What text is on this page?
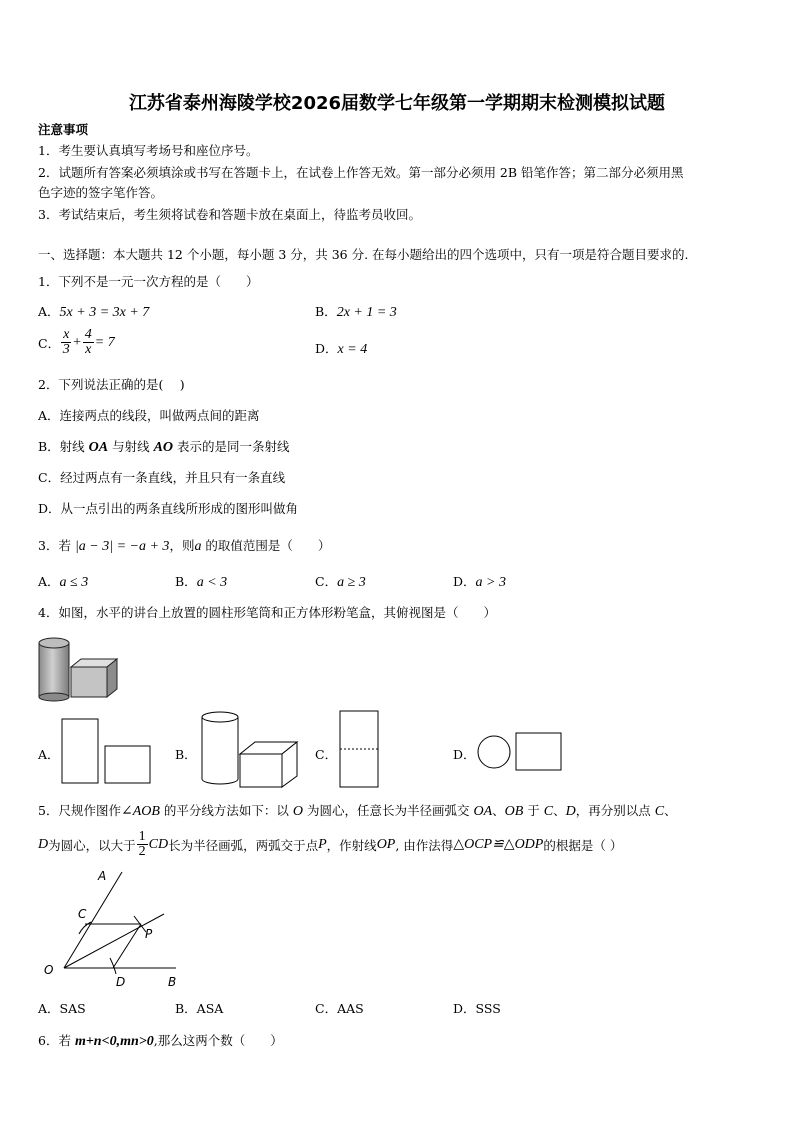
江苏省泰州海陵学校2026届数学七年级第一学期期末检测模拟试题
注意事项
1．考生要认真填写考场号和座位序号。
2．试题所有答案必须填涂或书写在答题卡上，在试卷上作答无效。第一部分必须用 2B 铅笔作答；第二部分必须用黑
色字迹的签字笔作答。
3．考试结束后，考生须将试卷和答题卡放在桌面上，待监考员收回。
一、选择题：本大题共 12 个小题，每小题 3 分，共 36 分. 在每小题给出的四个选项中，只有一项是符合题目要求的.
1．下列不是一元一次方程的是（　　）
A．5x + 3 = 3x + 7	B．2x + 1 = 3
C． $\frac{x}{3} + \frac{4}{x} = 7$	D．x = 4
2．下列说法正确的是(　 )
A．连接两点的线段，叫做两点间的距离
B．射线 OA 与射线 AO 表示的是同一条射线
C．经过两点有一条直线，并且只有一条直线
D．从一点引出的两条直线所形成的图形叫做角
3．若 |a − 3| = −a + 3，则a 的取值范围是（　　）
A．a ≤ 3	B．a < 3	C．a ≥ 3	D．a > 3
4．如图，水平的讲台上放置的圆柱形笔筒和正方体形粉笔盒，其俯视图是（　　）
A．	B．	C．	D．
5．尺规作图作∠AOB 的平分线方法如下：以 O 为圆心，任意长为半径画弧交 OA、OB 于 C、D，再分别以点 C、
D 为圆心，以大于 $\frac{1}{2}$ CD 长为半径画弧，两弧交于点 P ，作射线 OP , 由作法得 △OCP≌△ODP 的根据是（ ）
A
C
P
O
D	B
A．SAS	B．ASA	C．AAS	D．SSS
6．若 m+n<0,mn>0,那么这两个数（　　）
